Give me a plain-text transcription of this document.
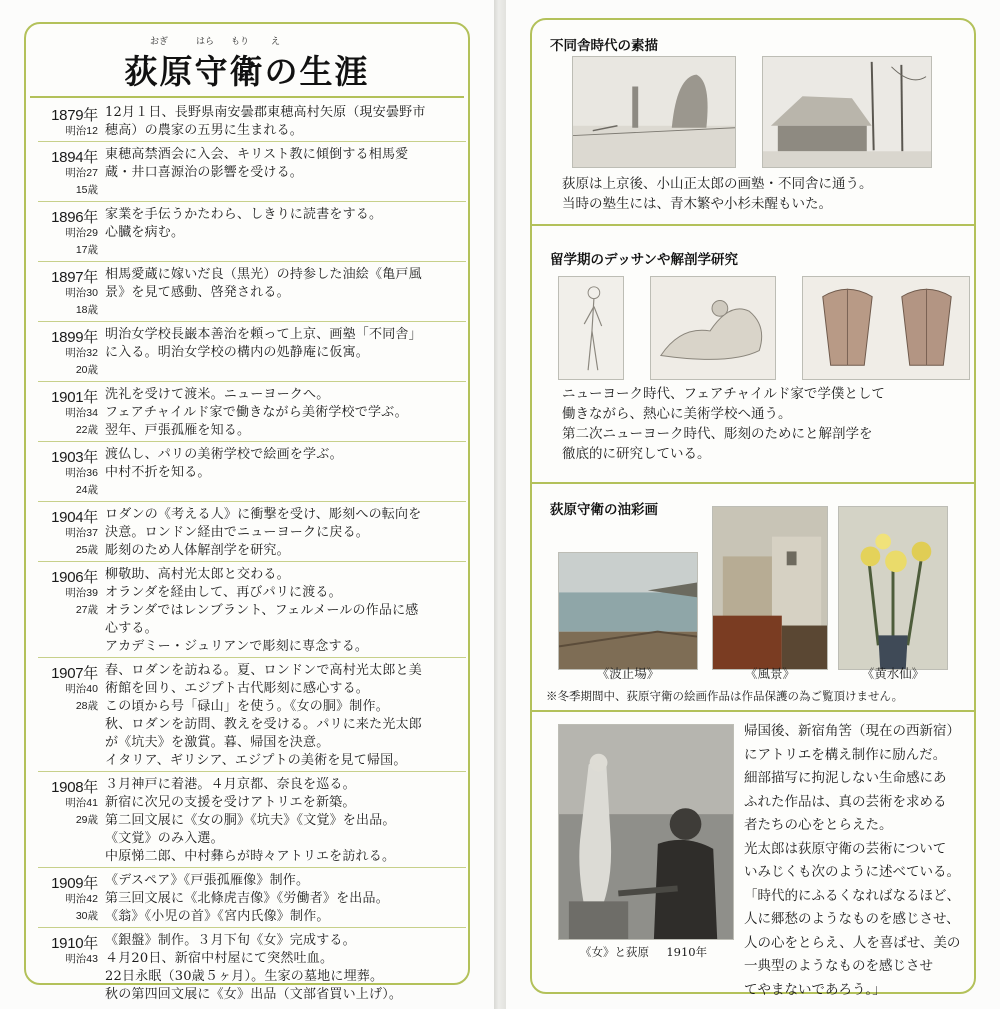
おぎ	はら もり え
荻原守衛の生涯
1879年
明治12
12月１日、長野県南安曇郡東穂高村矢原（現安曇野市
穂高）の農家の五男に生まれる。
1894年
明治27
15歳
東穂高禁酒会に入会、キリスト教に傾倒する相馬愛
蔵・井口喜源治の影響を受ける。
1896年
明治29
17歳
家業を手伝うかたわら、しきりに読書をする。
心臓を病む。
1897年
明治30
18歳
相馬愛蔵に嫁いだ良（黒光）の持参した油絵《亀戸風
景》を見て感動、啓発される。
1899年
明治32
20歳
明治女学校長巌本善治を頼って上京、画塾「不同舎」
に入る。明治女学校の構内の処静庵に仮寓。
1901年
明治34
22歳
洗礼を受けて渡米。ニューヨークへ。
フェアチャイルド家で働きながら美術学校で学ぶ。
翌年、戸張孤雁を知る。
1903年
明治36
24歳
渡仏し、パリの美術学校で絵画を学ぶ。
中村不折を知る。
1904年
明治37
25歳
ロダンの《考える人》に衝撃を受け、彫刻への転向を
決意。ロンドン経由でニューヨークに戻る。
彫刻のため人体解剖学を研究。
1906年
明治39
27歳
柳敬助、高村光太郎と交わる。
オランダを経由して、再びパリに渡る。
オランダではレンブラント、フェルメールの作品に感
心する。
アカデミー・ジュリアンで彫刻に専念する。
1907年
明治40
28歳
春、ロダンを訪ねる。夏、ロンドンで高村光太郎と美
術館を回り、エジプト古代彫刻に感心する。
この頃から号「碌山」を使う。《女の胴》制作。
秋、ロダンを訪問、教えを受ける。パリに来た光太郎
が《坑夫》を激賞。暮、帰国を決意。
イタリア、ギリシア、エジプトの美術を見て帰国。
1908年
明治41
29歳
３月神戸に着港。４月京都、奈良を巡る。
新宿に次兄の支援を受けアトリエを新築。
第二回文展に《女の胴》《坑夫》《文覚》を出品。
《文覚》のみ入選。
中原悌二郎、中村彝らが時々アトリエを訪れる。
1909年
明治42
30歳
《デスペア》《戸張孤雁像》制作。
第三回文展に《北條虎吉像》《労働者》を出品。
《翁》《小児の首》《宮内氏像》制作。
1910年
明治43
《銀盤》制作。３月下旬《女》完成する。
４月20日、新宿中村屋にて突然吐血。
22日永眠（30歳５ヶ月）。生家の墓地に埋葬。
秋の第四回文展に《女》出品（文部省買い上げ）。
不同舎時代の素描
荻原は上京後、小山正太郎の画塾・不同舎に通う。
当時の塾生には、青木繁や小杉未醒もいた。
留学期のデッサンや解剖学研究
ニューヨーク時代、フェアチャイルド家で学僕として
働きながら、熱心に美術学校へ通う。
第二次ニューヨーク時代、彫刻のためにと解剖学を
徹底的に研究している。
荻原守衛の油彩画
《波止場》	《風景》	《黄水仙》
※冬季期間中、荻原守衛の絵画作品は作品保護の為ご覧頂けません。
《女》と荻原 1910年
帰国後、新宿角筈（現在の西新宿）
にアトリエを構え制作に励んだ。
細部描写に拘泥しない生命感にあ
ふれた作品は、真の芸術を求める
者たちの心をとらえた。
光太郎は荻原守衛の芸術について
いみじくも次のように述べている。
「時代的にふるくなればなるほど、
人に郷愁のようなものを感じさせ、
人の心をとらえ、人を喜ばせ、美の
一典型のようなものを感じさせ
てやまないであろう。」
